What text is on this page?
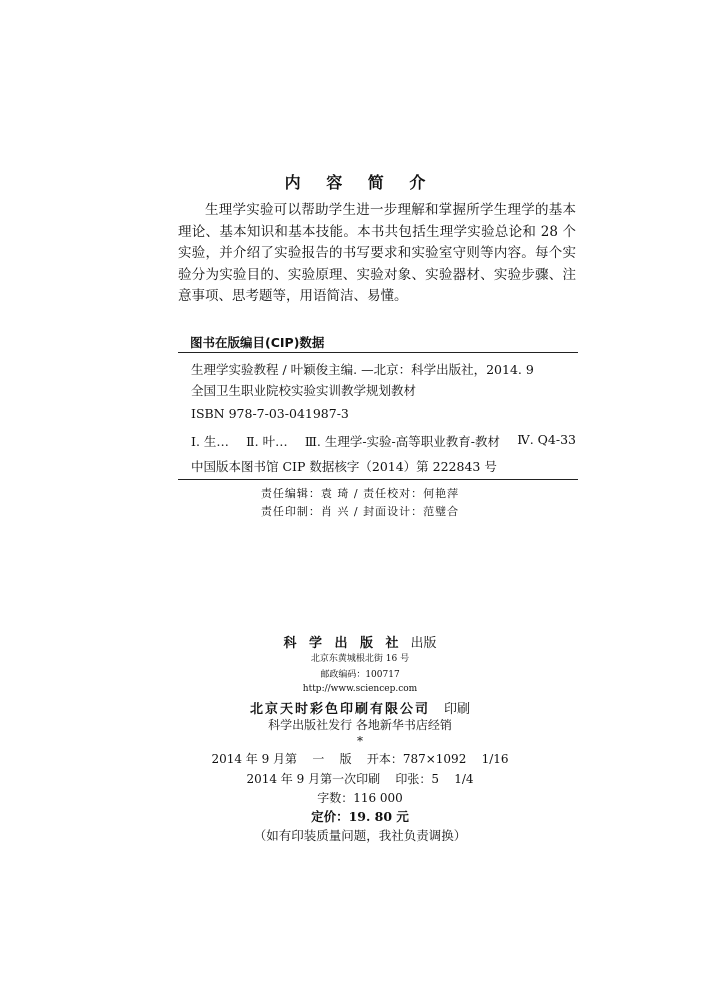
内 容 简 介

生理学实验可以帮助学生进一步理解和掌握所学生理学的基本理论、基本知识和基本技能。本书共包括生理学实验总论和 28 个实验，并介绍了实验报告的书写要求和实验室守则等内容。每个实验分为实验目的、实验原理、实验对象、实验器材、实验步骤、注意事项、思考题等，用语简洁、易懂。

图书在版编目(CIP)数据
生理学实验教程 / 叶颖俊主编. —北京：科学出版社，2014. 9
全国卫生职业院校实验实训教学规划教材
ISBN 978-7-03-041987-3
Ⅰ. 生… Ⅱ. 叶… Ⅲ. 生理学-实验-高等职业教育-教材 Ⅳ. Q4-33
中国版本图书馆 CIP 数据核字（2014）第 222843 号
责任编辑：袁 琦 / 责任校对：何艳萍
责任印制：肖 兴 / 封面设计：范璧合
科 学 出 版 社 出版
北京东黄城根北街 16 号
邮政编码：100717
http://www.sciencep.com
北京天时彩色印刷有限公司 印刷
科学出版社发行 各地新华书店经销
*
2014 年 9 月第    一    版    开本：787×1092    1/16
2014 年 9 月第一次印刷    印张：5    1/4
字数：116 000
定价：19. 80 元
（如有印装质量问题，我社负责调换）
